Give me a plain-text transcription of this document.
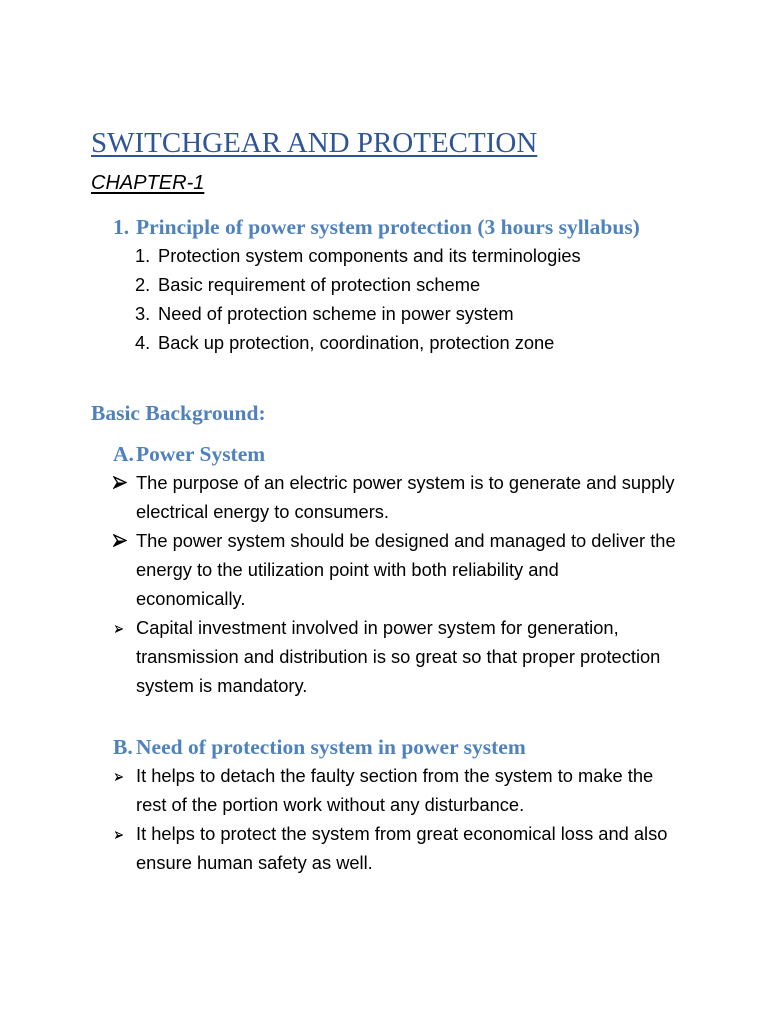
SWITCHGEAR AND PROTECTION
CHAPTER-1
1. Principle of power system protection (3 hours syllabus)
1. Protection system components and its terminologies
2. Basic requirement of protection scheme
3. Need of protection scheme in power system
4. Back up protection, coordination, protection zone
Basic Background:
A.Power System
The purpose of an electric power system is to generate and supply
electrical energy to consumers.
The power system should be designed and managed to deliver the
energy to the utilization point with both reliability and
economically.
Capital investment involved in power system for generation,
transmission and distribution is so great so that proper protection
system is mandatory.
B. Need of protection system in power system
It helps to detach the faulty section from the system to make the
rest of the portion work without any disturbance.
It helps to protect the system from great economical loss and also
ensure human safety as well.
